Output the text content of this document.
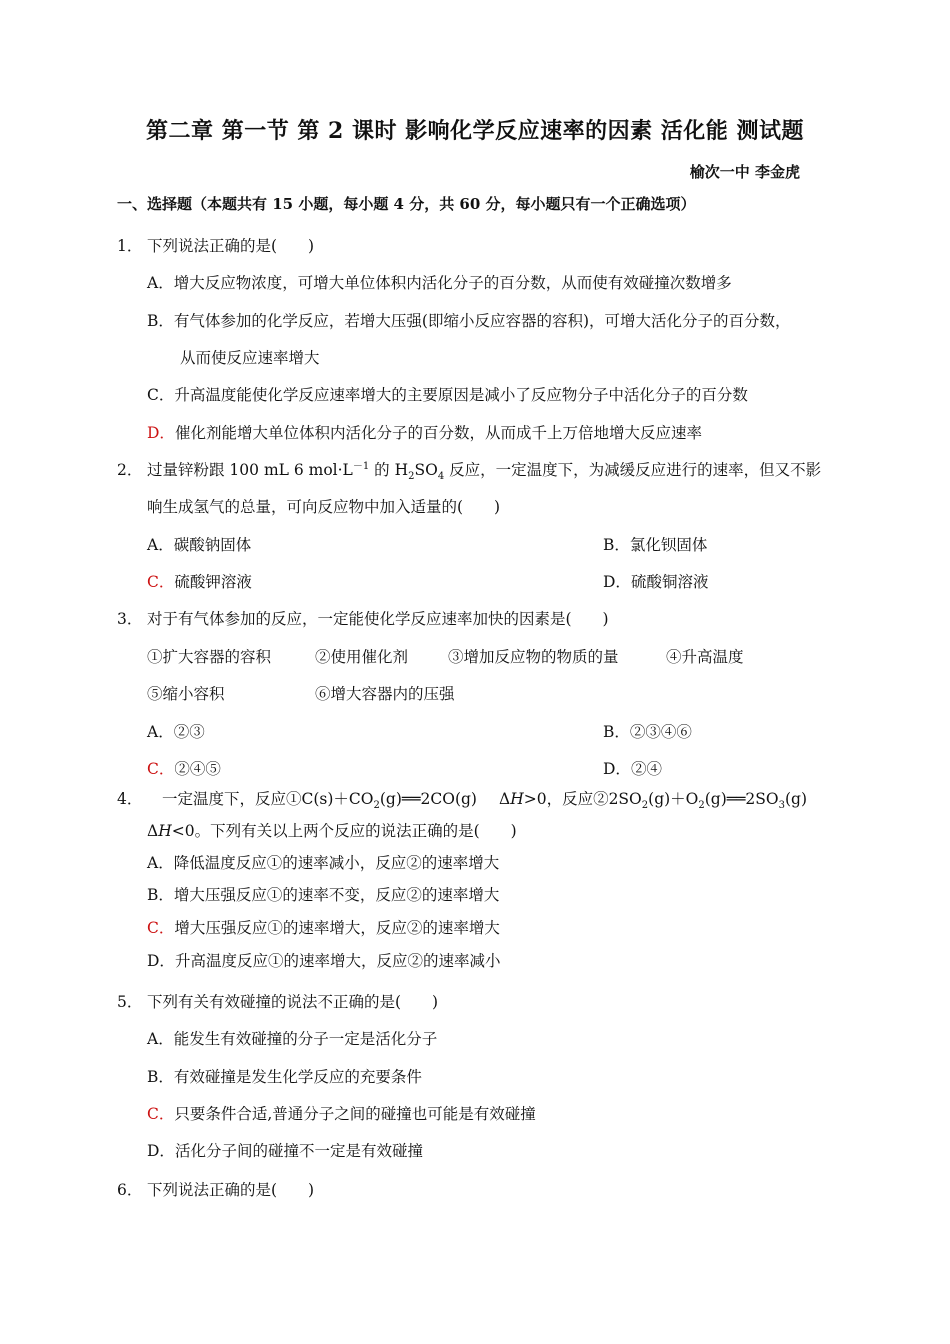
第二章 第一节 第 2 课时 影响化学反应速率的因素 活化能 测试题
榆次一中 李金虎
一、选择题（本题共有 15 小题，每小题 4 分，共 60 分，每小题只有一个正确选项）
1． 下列说法正确的是(　　)
A．增大反应物浓度，可增大单位体积内活化分子的百分数，从而使有效碰撞次数增多
B．有气体参加的化学反应，若增大压强(即缩小反应容器的容积)，可增大活化分子的百分数，
从而使反应速率增大
C．升高温度能使化学反应速率增大的主要原因是减小了反应物分子中活化分子的百分数
D．催化剂能增大单位体积内活化分子的百分数，从而成千上万倍地增大反应速率
2． 过量锌粉跟 100 mL 6 $mol\cdot L^{-1}$ 的 $H_2SO_4$ 反应，一定温度下，为减缓反应进行的速率，但又不影
响生成氢气的总量，可向反应物中加入适量的(　　)
A．碳酸钠固体	B．氯化钡固体
C．硫酸钾溶液	D．硫酸铜溶液
3． 对于有气体参加的反应，一定能使化学反应速率加快的因素是(　　)
①扩大容器的容积	②使用催化剂	③增加反应物的物质的量	④升高温度
⑤缩小容积	⑥增大容器内的压强
A．②③	B．②③④⑥
C．②④⑤	D．②④
4． 一定温度下，反应$①C(s)+CO_2(g)══2CO(g)$ ΔH>0，反应$②2SO_2(g)+O_2(g)══2SO_3(g)$
ΔH<0。下列有关以上两个反应的说法正确的是(　　)
A．降低温度反应①的速率减小，反应②的速率增大
B．增大压强反应①的速率不变，反应②的速率增大
C．增大压强反应①的速率增大，反应②的速率增大
D．升高温度反应①的速率增大，反应②的速率减小
5． 下列有关有效碰撞的说法不正确的是(　　)
A．能发生有效碰撞的分子一定是活化分子
B．有效碰撞是发生化学反应的充要条件
C．只要条件合适,普通分子之间的碰撞也可能是有效碰撞
D．活化分子间的碰撞不一定是有效碰撞
6． 下列说法正确的是(　　)
